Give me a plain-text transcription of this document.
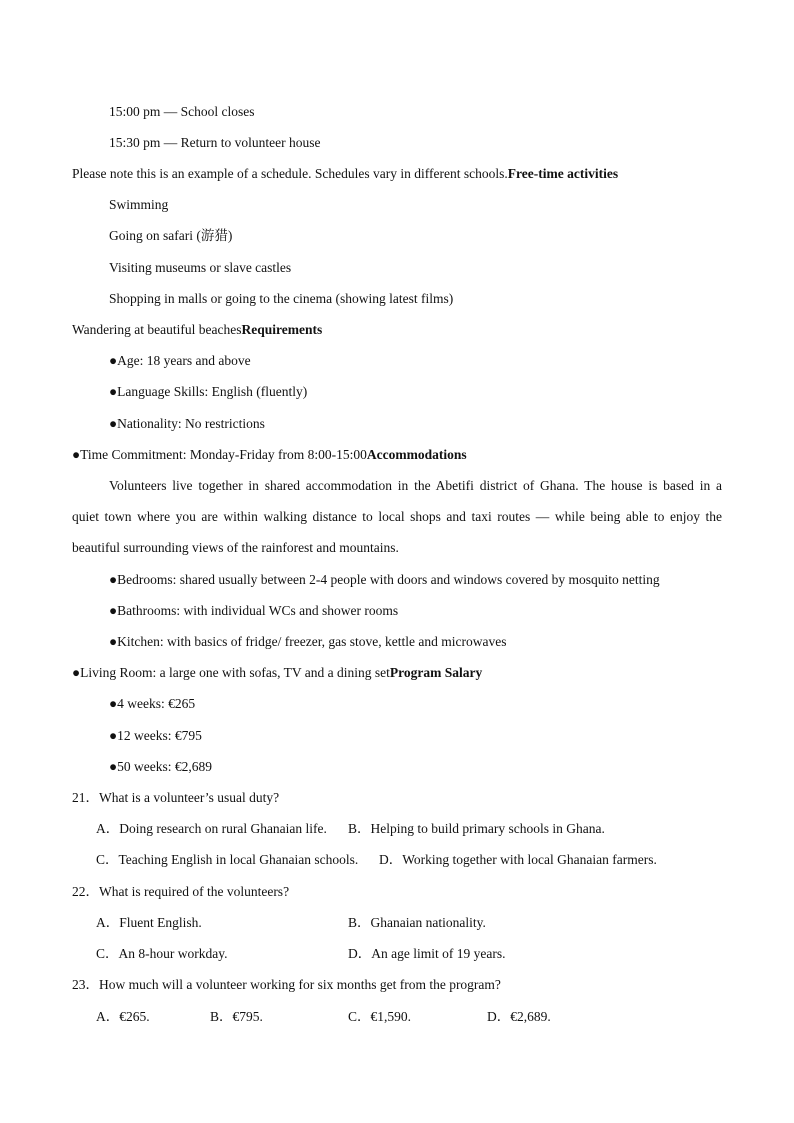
15:00 pm — School closes
15:30 pm — Return to volunteer house
Please note this is an example of a schedule. Schedules vary in different schools.Free-time activities
Swimming
Going on safari (游猎)
Visiting museums or slave castles
Shopping in malls or going to the cinema (showing latest films)
Wandering at beautiful beachesRequirements
●Age: 18 years and above
●Language Skills: English (fluently)
●Nationality: No restrictions
●Time Commitment: Monday-Friday from 8:00-15:00Accommodations
Volunteers live together in shared accommodation in the Abetifi district of Ghana. The house is based in a
quiet town where you are within walking distance to local shops and taxi routes — while being able to enjoy the
beautiful surrounding views of the rainforest and mountains.
●Bedrooms: shared usually between 2-4 people with doors and windows covered by mosquito netting
●Bathrooms: with individual WCs and shower rooms
●Kitchen: with basics of fridge/ freezer, gas stove, kettle and microwaves
●Living Room: a large one with sofas, TV and a dining setProgram Salary
●4 weeks: €265
●12 weeks: €795
●50 weeks: €2,689
21．What is a volunteer’s usual duty?
A．Doing research on rural Ghanaian life. B．Helping to build primary schools in Ghana.
C．Teaching English in local Ghanaian schools. D．Working together with local Ghanaian farmers.
22．What is required of the volunteers?
A．Fluent English.	B．Ghanaian nationality.
C．An 8-hour workday.	D．An age limit of 19 years.
23．How much will a volunteer working for six months get from the program?
A．€265.	B．€795.	C．€1,590.	D．€2,689.
